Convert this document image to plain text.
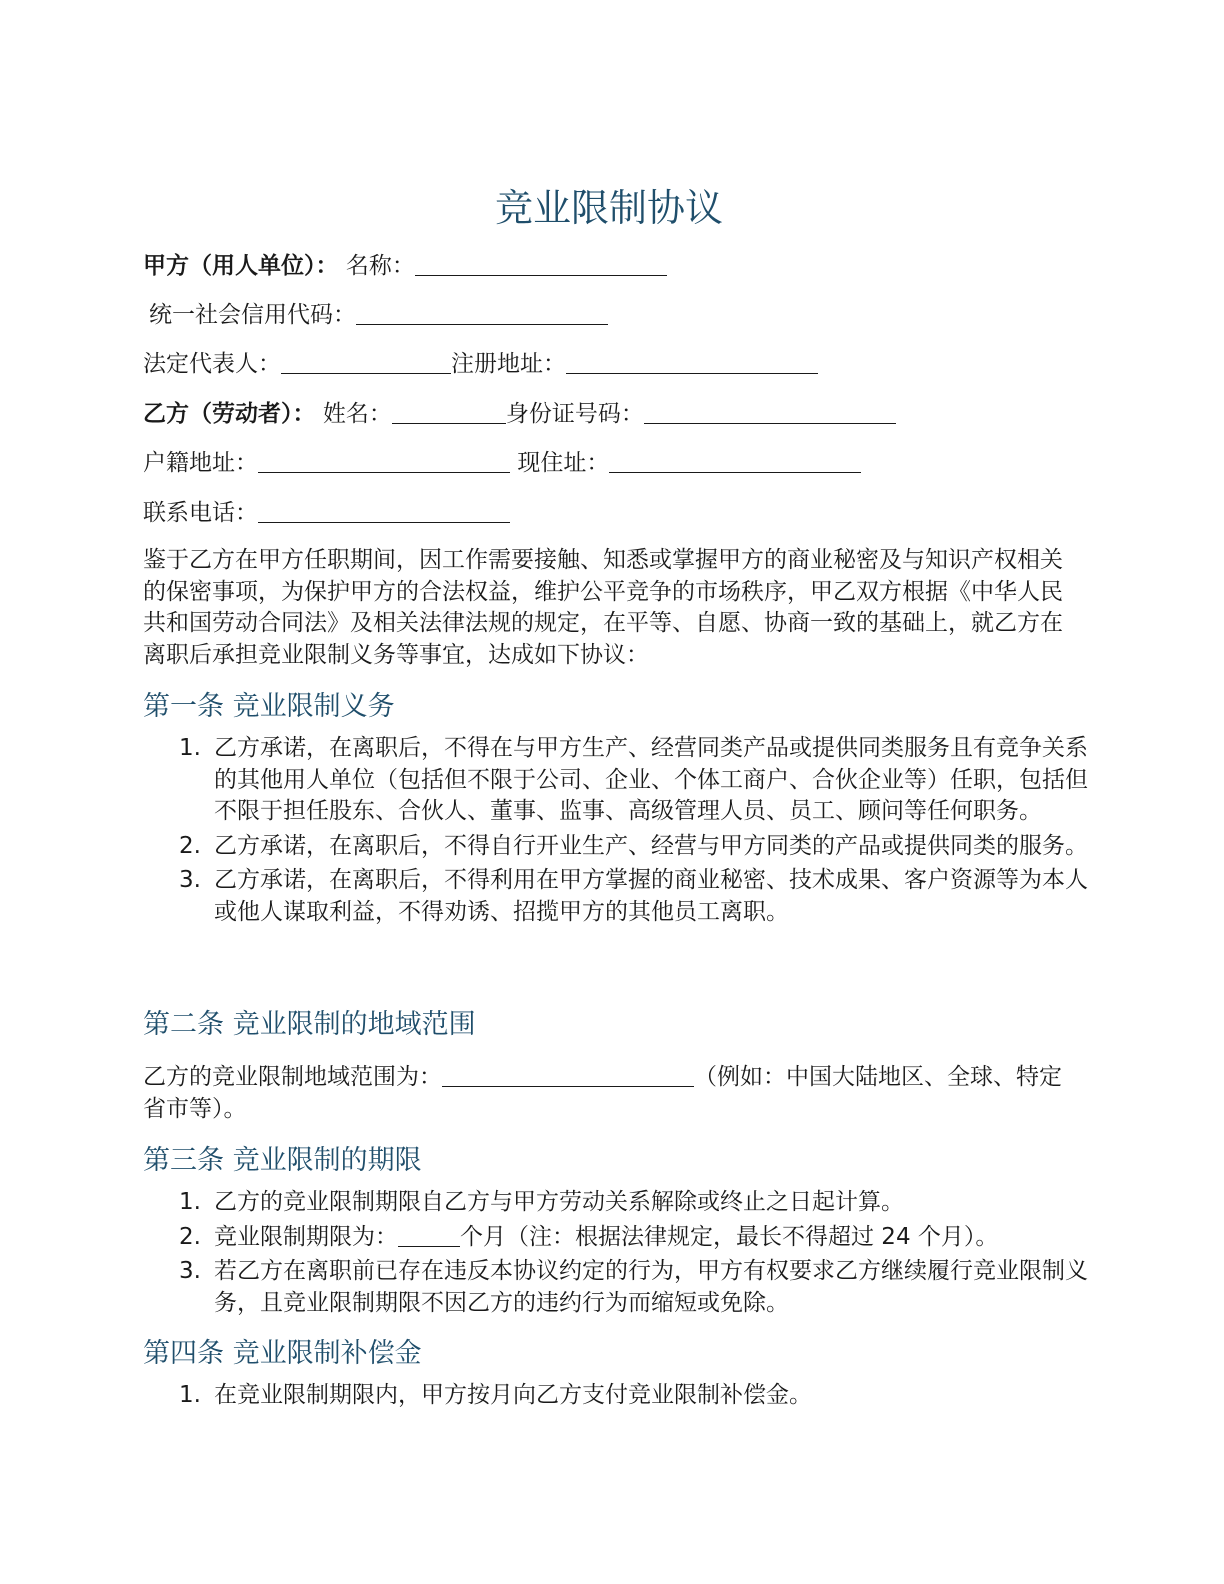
竞业限制协议
甲方（用人单位）： 名称：
统一社会信用代码：
法定代表人：	注册地址：
乙方（劳动者）： 姓名：	身份证号码：
户籍地址：	现住址：
联系电话：

鉴于乙方在甲方任职期间，因工作需要接触、知悉或掌握甲方的商业秘密及与知识产权相关的保密事项，为保护甲方的合法权益，维护公平竞争的市场秩序，甲乙双方根据《中华人民共和国劳动合同法》及相关法律法规的规定，在平等、自愿、协商一致的基础上，就乙方在离职后承担竞业限制义务等事宜，达成如下协议：

第一条 竞业限制义务
1. 乙方承诺，在离职后，不得在与甲方生产、经营同类产品或提供同类服务且有竞争关系的其他用人单位（包括但不限于公司、企业、个体工商户、合伙企业等）任职，包括但不限于担任股东、合伙人、董事、监事、高级管理人员、员工、顾问等任何职务。
2. 乙方承诺，在离职后，不得自行开业生产、经营与甲方同类的产品或提供同类的服务。
3. 乙方承诺，在离职后，不得利用在甲方掌握的商业秘密、技术成果、客户资源等为本人或他人谋取利益，不得劝诱、招揽甲方的其他员工离职。
第二条 竞业限制的地域范围

乙方的竞业限制地域范围为：	（例如：中国大陆地区、全球、特定省市等）。

第三条 竞业限制的期限
1. 乙方的竞业限制期限自乙方与甲方劳动关系解除或终止之日起计算。
2. 竞业限制期限为：	个月（注：根据法律规定，最长不得超过 24 个月）。
3. 若乙方在离职前已存在违反本协议约定的行为，甲方有权要求乙方继续履行竞业限制义务，且竞业限制期限不因乙方的违约行为而缩短或免除。
第四条 竞业限制补偿金
1. 在竞业限制期限内，甲方按月向乙方支付竞业限制补偿金。
